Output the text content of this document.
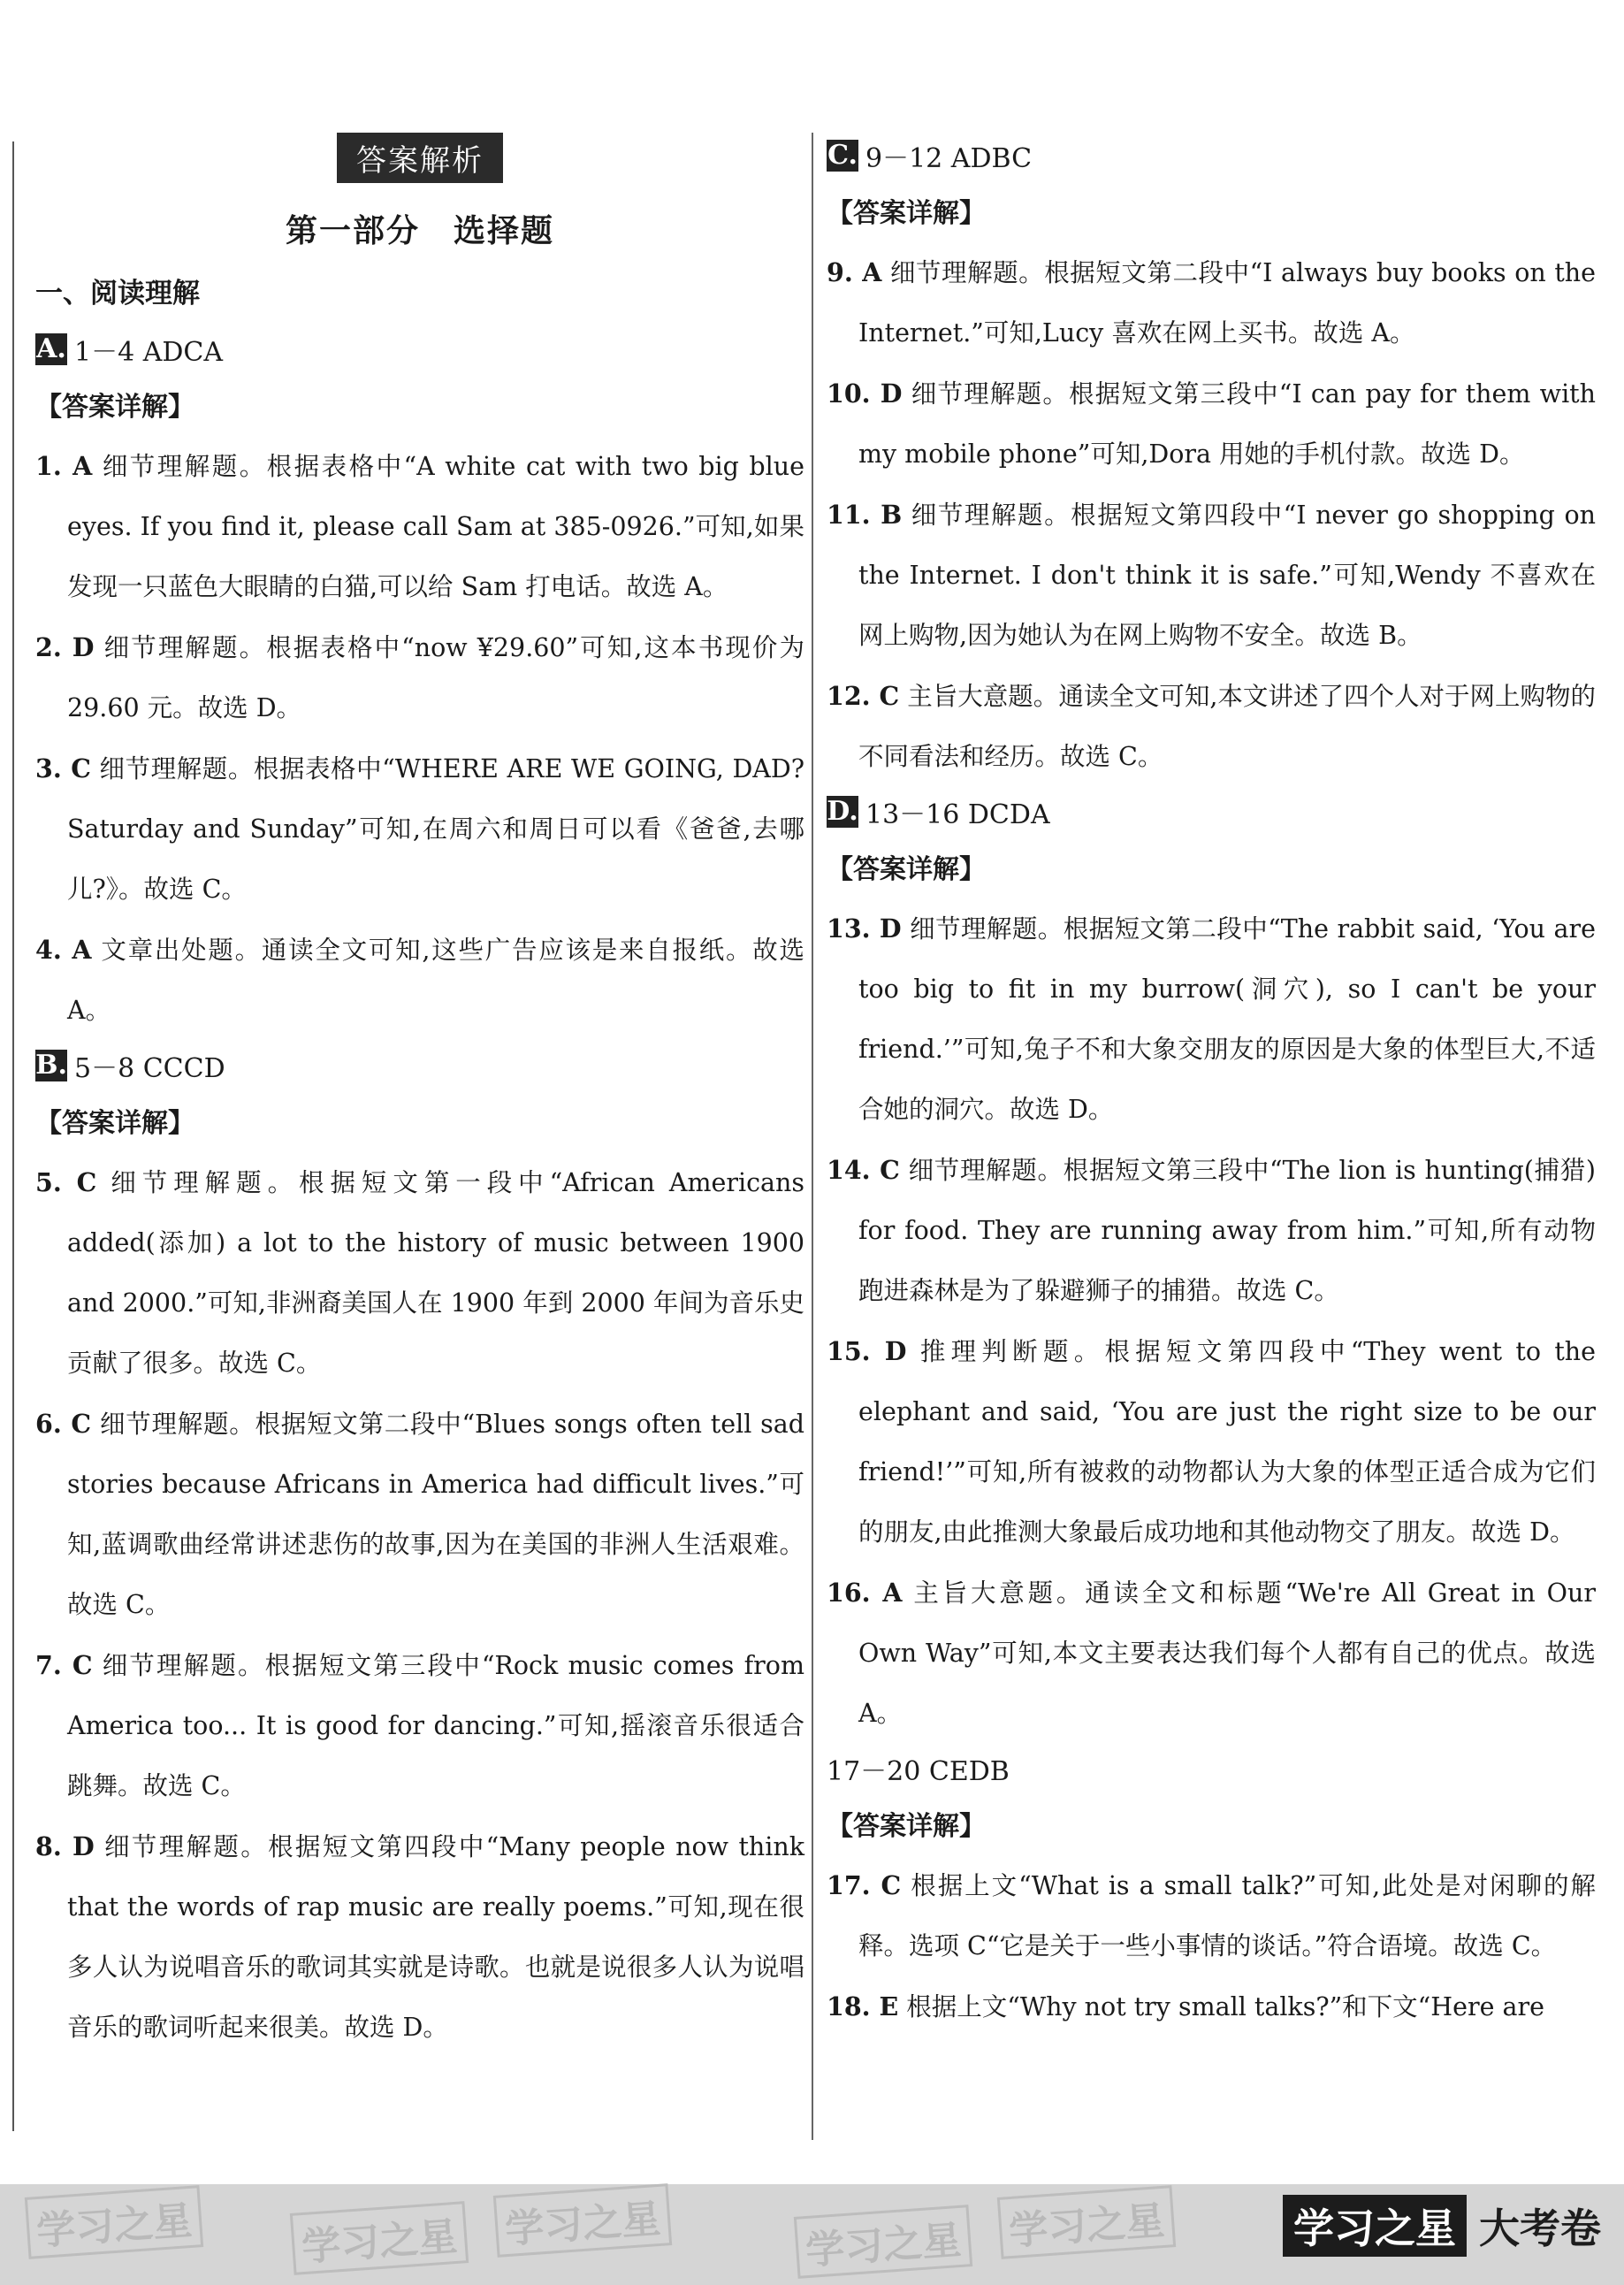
答案解析
第一部分　选择题
一、阅读理解
A. 1－4 ADCA
【答案详解】

1. A 细节理解题。根据表格中“A white cat with two big blue eyes. If you find it, please call Sam at 385-0926.”可知,如果发现一只蓝色大眼睛的白猫,可以给 Sam 打电话。故选 A。

2. D 细节理解题。根据表格中“now ¥29.60”可知,这本书现价为 29.60 元。故选 D。

3. C 细节理解题。根据表格中“WHERE ARE WE GOING, DAD? Saturday and Sunday”可知,在周六和周日可以看《爸爸,去哪儿?》。故选 C。

4. A 文章出处题。通读全文可知,这些广告应该是来自报纸。故选 A。

B. 5－8 CCCD
【答案详解】

5. C 细节理解题。根据短文第一段中“African Americans added(添加) a lot to the history of music between 1900 and 2000.”可知,非洲裔美国人在 1900 年到 2000 年间为音乐史贡献了很多。故选 C。

6. C 细节理解题。根据短文第二段中“Blues songs often tell sad stories because Africans in America had difficult lives.”可知,蓝调歌曲经常讲述悲伤的故事,因为在美国的非洲人生活艰难。故选 C。

7. C 细节理解题。根据短文第三段中“Rock music comes from America too... It is good for dancing.”可知,摇滚音乐很适合跳舞。故选 C。

8. D 细节理解题。根据短文第四段中“Many people now think that the words of rap music are really poems.”可知,现在很多人认为说唱音乐的歌词其实就是诗歌。也就是说很多人认为说唱音乐的歌词听起来很美。故选 D。

C. 9－12 ADBC
【答案详解】

9. A 细节理解题。根据短文第二段中“I always buy books on the Internet.”可知,Lucy 喜欢在网上买书。故选 A。

10. D 细节理解题。根据短文第三段中“I can pay for them with my mobile phone”可知,Dora 用她的手机付款。故选 D。

11. B 细节理解题。根据短文第四段中“I never go shopping on the Internet. I don't think it is safe.”可知,Wendy 不喜欢在网上购物,因为她认为在网上购物不安全。故选 B。

12. C 主旨大意题。通读全文可知,本文讲述了四个人对于网上购物的不同看法和经历。故选 C。

D. 13－16 DCDA
【答案详解】

13. D 细节理解题。根据短文第二段中“The rabbit said, ‘You are too big to fit in my burrow(洞穴), so I can't be your friend.’”可知,兔子不和大象交朋友的原因是大象的体型巨大,不适合她的洞穴。故选 D。

14. C 细节理解题。根据短文第三段中“The lion is hunting(捕猎) for food. They are running away from him.”可知,所有动物跑进森林是为了躲避狮子的捕猎。故选 C。

15. D 推理判断题。根据短文第四段中“They went to the elephant and said, ‘You are just the right size to be our friend!’”可知,所有被救的动物都认为大象的体型正适合成为它们的朋友,由此推测大象最后成功地和其他动物交了朋友。故选 D。

16. A 主旨大意题。通读全文和标题“We're All Great in Our Own Way”可知,本文主要表达我们每个人都有自己的优点。故选 A。

17－20 CEDB
【答案详解】

17. C 根据上文“What is a small talk?”可知,此处是对闲聊的解释。选项 C“它是关于一些小事情的谈话。”符合语境。故选 C。

18. E 根据上文“Why not try small talks?”和下文“Here are

学习之星	学习之星 学习之星	学习之星 学习之星	学习之星 大考卷
